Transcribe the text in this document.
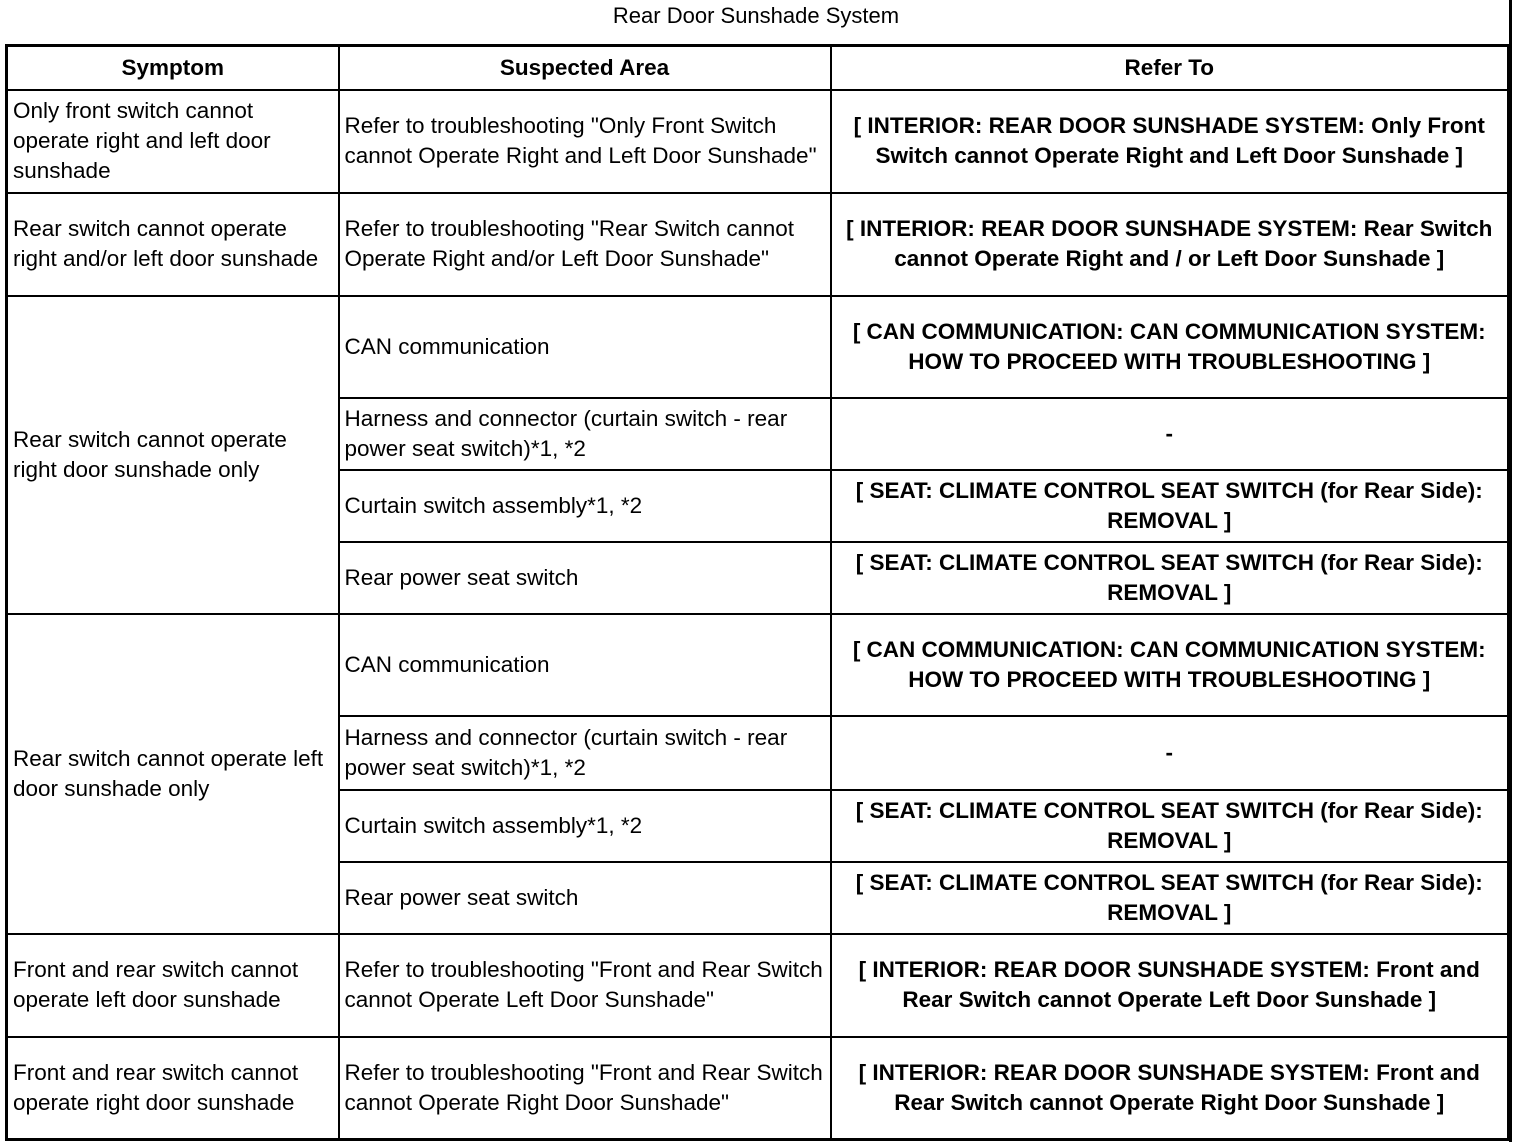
Rear Door Sunshade System
Symptom	Suspected Area	Refer To
Only front switch cannot operate right and left door sunshade	Refer to troubleshooting "Only Front Switch cannot Operate Right and Left Door Sunshade"	[ INTERIOR: REAR DOOR SUNSHADE SYSTEM: Only Front Switch cannot Operate Right and Left Door Sunshade ]
Rear switch cannot operate right and/or left door sunshade	Refer to troubleshooting "Rear Switch cannot Operate Right and/or Left Door Sunshade"	[ INTERIOR: REAR DOOR SUNSHADE SYSTEM: Rear Switch cannot Operate Right and / or Left Door Sunshade ]
Rear switch cannot operate right door sunshade only	CAN communication	[ CAN COMMUNICATION: CAN COMMUNICATION SYSTEM: HOW TO PROCEED WITH TROUBLESHOOTING ]
	Harness and connector (curtain switch - rear power seat switch)*1, *2	-
	Curtain switch assembly*1, *2	[ SEAT: CLIMATE CONTROL SEAT SWITCH (for Rear Side): REMOVAL ]
	Rear power seat switch	[ SEAT: CLIMATE CONTROL SEAT SWITCH (for Rear Side): REMOVAL ]
Rear switch cannot operate left door sunshade only	CAN communication	[ CAN COMMUNICATION: CAN COMMUNICATION SYSTEM: HOW TO PROCEED WITH TROUBLESHOOTING ]
	Harness and connector (curtain switch - rear power seat switch)*1, *2	-
	Curtain switch assembly*1, *2	[ SEAT: CLIMATE CONTROL SEAT SWITCH (for Rear Side): REMOVAL ]
	Rear power seat switch	[ SEAT: CLIMATE CONTROL SEAT SWITCH (for Rear Side): REMOVAL ]
Front and rear switch cannot operate left door sunshade	Refer to troubleshooting "Front and Rear Switch cannot Operate Left Door Sunshade"	[ INTERIOR: REAR DOOR SUNSHADE SYSTEM: Front and Rear Switch cannot Operate Left Door Sunshade ]
Front and rear switch cannot operate right door sunshade	Refer to troubleshooting "Front and Rear Switch cannot Operate Right Door Sunshade"	[ INTERIOR: REAR DOOR SUNSHADE SYSTEM: Front and Rear Switch cannot Operate Right Door Sunshade ]
